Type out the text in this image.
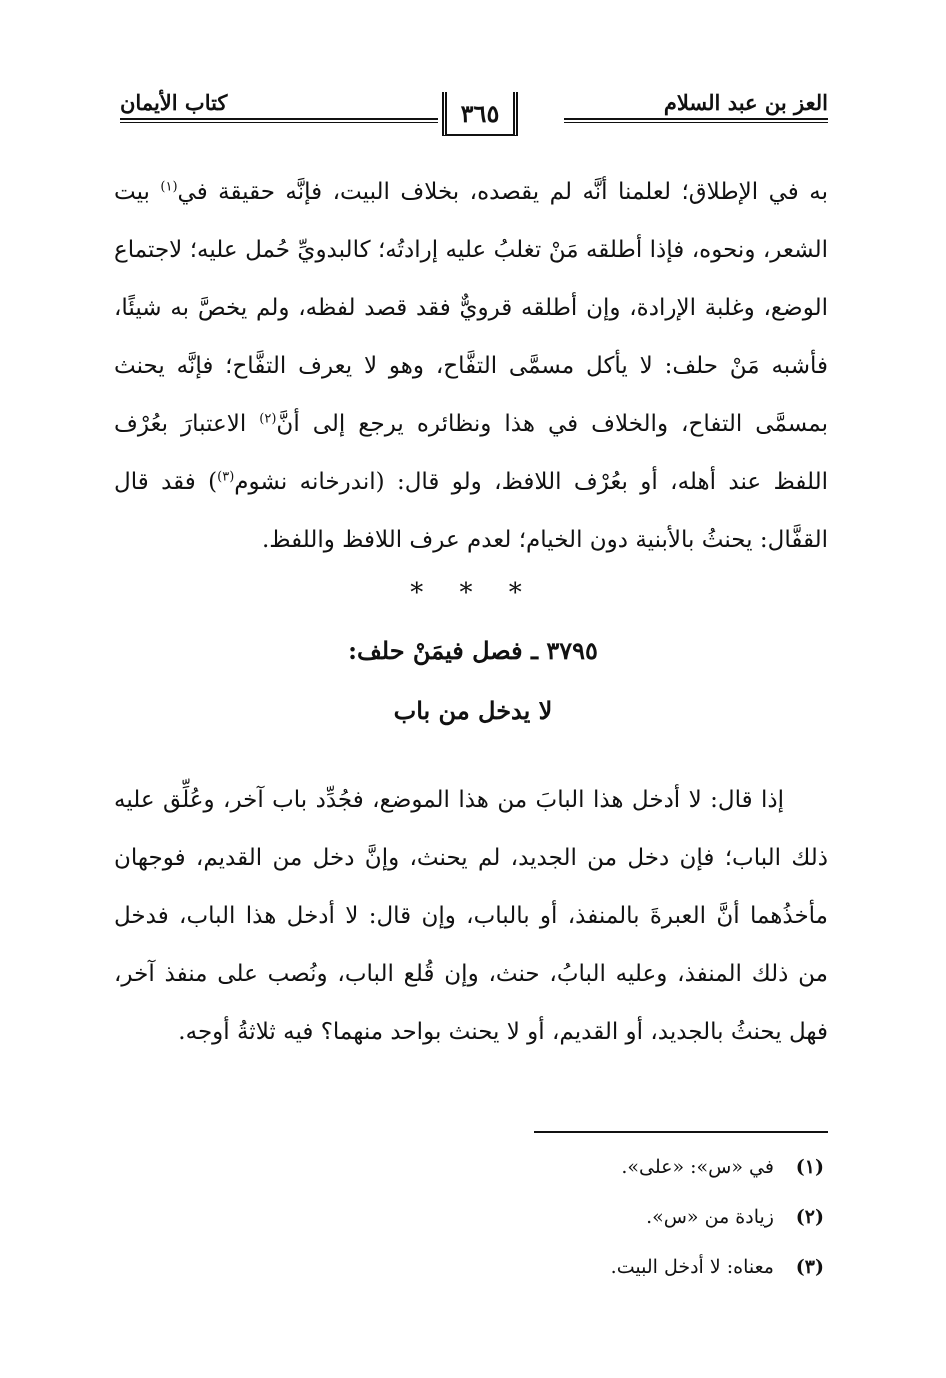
العز بن عبد السلام
٣٦٥
كتاب الأيمان

به في الإطلاق؛ لعلمنا أنَّه لم يقصده، بخلاف البيت، فإنَّه حقيقة في$^{(١)}$ بيت الشعر، ونحوه، فإذا أطلقه مَنْ تغلبُ عليه إرادتُه؛ كالبدويِّ حُمل عليه؛ لاجتماع الوضع، وغلبة الإرادة، وإن أطلقه قرويٌّ فقد قصد لفظه، ولم يخصَّ به شيئًا، فأشبه مَنْ حلف: لا يأكل مسمَّى التفَّاح، وهو لا يعرف التفَّاح؛ فإنَّه يحنث بمسمَّى التفاح، والخلاف في هذا ونظائره يرجع إلى أنَّ$^{(٢)}$ الاعتبارَ بعُرْف اللفظ عند أهله، أو بعُرْف اللافظ، ولو قال: (اندرخانه نشوم$^{(٣)}$) فقد قال القفَّال: يحنثُ بالأبنية دون الخيام؛ لعدم عرف اللافظ واللفظ.

* * *
٣٧٩٥ ـ فصل فيمَنْ حلف:
لا يدخل من باب

إذا قال: لا أدخل هذا البابَ من هذا الموضع، فجُدِّد باب آخر، وعُلِّق عليه ذلك الباب؛ فإن دخل من الجديد، لم يحنث، وإنَّ دخل من القديم، فوجهان مأخذُهما أنَّ العبرةَ بالمنفذ، أو بالباب، وإن قال: لا أدخل هذا الباب، فدخل من ذلك المنفذ، وعليه البابُ، حنث، وإن قُلع الباب، ونُصب على منفذ آخر، فهل يحنثُ بالجديد، أو القديم، أو لا يحنث بواحد منهما؟ فيه ثلاثةُ أوجه.

(١) في «س»: «على».
(٢) زيادة من «س».
(٣) معناه: لا أدخل البيت.
